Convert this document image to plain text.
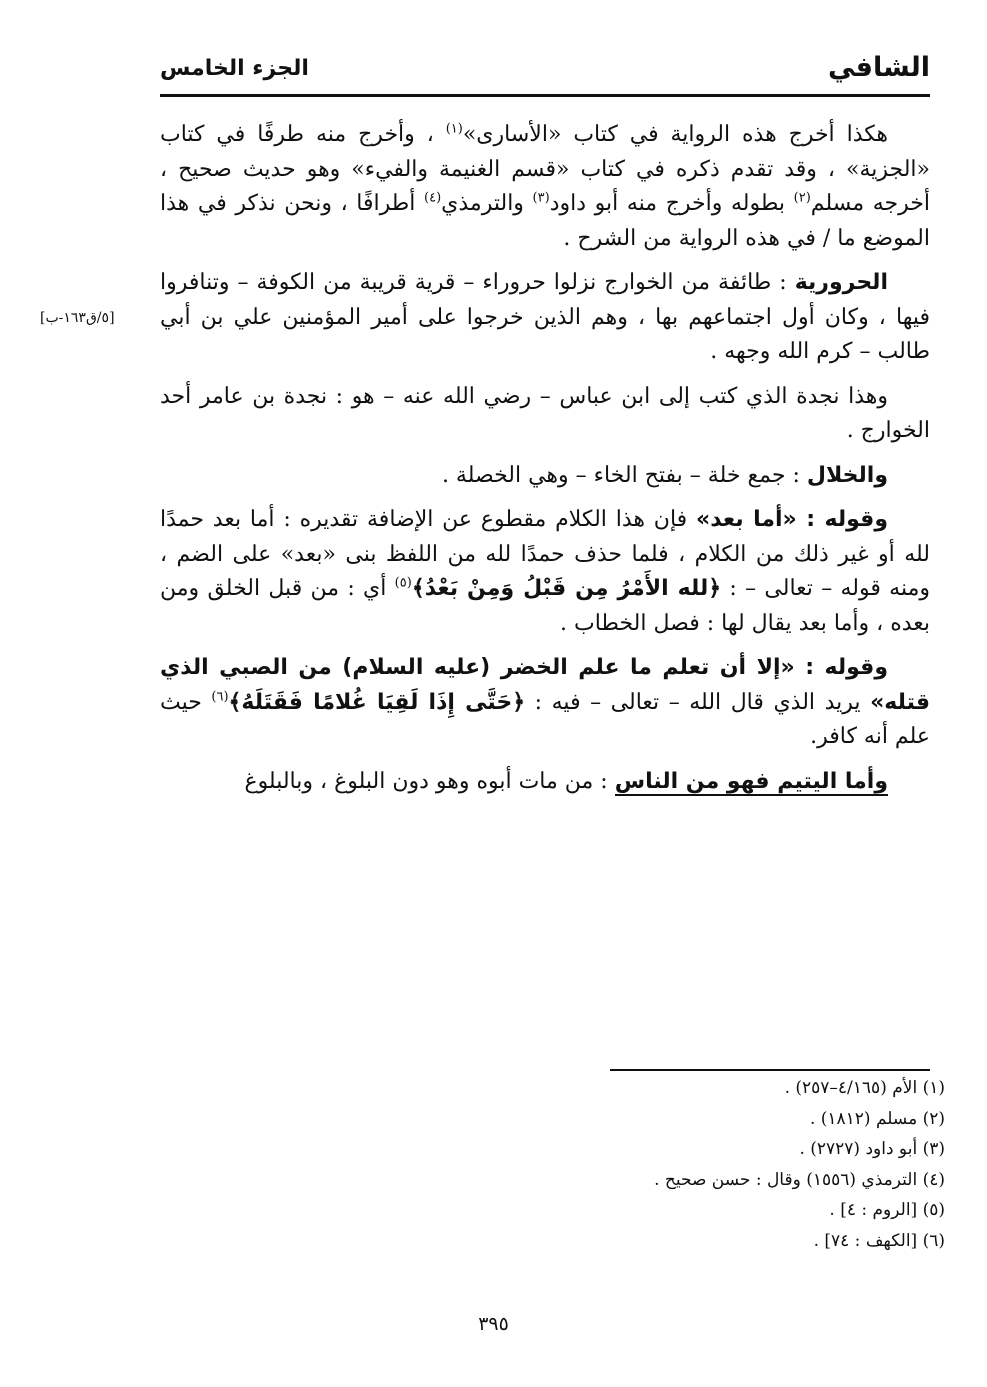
الشافي
الجزء الخامس
[٥/ق١٦٣-ب]

هكذا أخرج هذه الرواية في كتاب «الأسارى»$^{(١)}$ ، وأخرج منه طرفًا في كتاب «الجزية» ، وقد تقدم ذكره في كتاب «قسم الغنيمة والفيء» وهو حديث صحيح ، أخرجه مسلم$^{(٢)}$ بطوله وأخرج منه أبو داود$^{(٣)}$ والترمذي$^{(٤)}$ أطرافًا ، ونحن نذكر في هذا الموضع ما / في هذه الرواية من الشرح .

الحرورية : طائفة من الخوارج نزلوا حروراء – قرية قريبة من الكوفة – وتنافروا فيها ، وكان أول اجتماعهم بها ، وهم الذين خرجوا على أمير المؤمنين علي بن أبي طالب – كرم الله وجهه .

وهذا نجدة الذي كتب إلى ابن عباس – رضي الله عنه – هو : نجدة بن عامر أحد الخوارج .

والخلال : جمع خلة – بفتح الخاء – وهي الخصلة .

وقوله : «أما بعد» فإن هذا الكلام مقطوع عن الإضافة تقديره : أما بعد حمدًا لله أو غير ذلك من الكلام ، فلما حذف حمدًا لله من اللفظ بنى «بعد» على الضم ، ومنه قوله – تعالى – : ﴿لله الأَمْرُ مِن قَبْلُ وَمِنْ بَعْدُ﴾$^{(٥)}$ أي : من قبل الخلق ومن بعده ، وأما بعد يقال لها : فصل الخطاب .

وقوله : «إلا أن تعلم ما علم الخضر (عليه السلام) من الصبي الذي قتله» يريد الذي قال الله – تعالى – فيه : ﴿حَتَّى إِذَا لَقِيَا غُلامًا فَقَتَلَهُ﴾$^{(٦)}$ حيث علم أنه كافر.

وأما اليتيم فهو من الناس : من مات أبوه وهو دون البلوغ ، وبالبلوغ

(١) الأم (٤/١٦٥–٢٥٧) .
(٢) مسلم (١٨١٢) .
(٣) أبو داود (٢٧٢٧) .
(٤) الترمذي (١٥٥٦) وقال : حسن صحيح .
(٥) [الروم : ٤] .
(٦) [الكهف : ٧٤] .
٣٩٥
